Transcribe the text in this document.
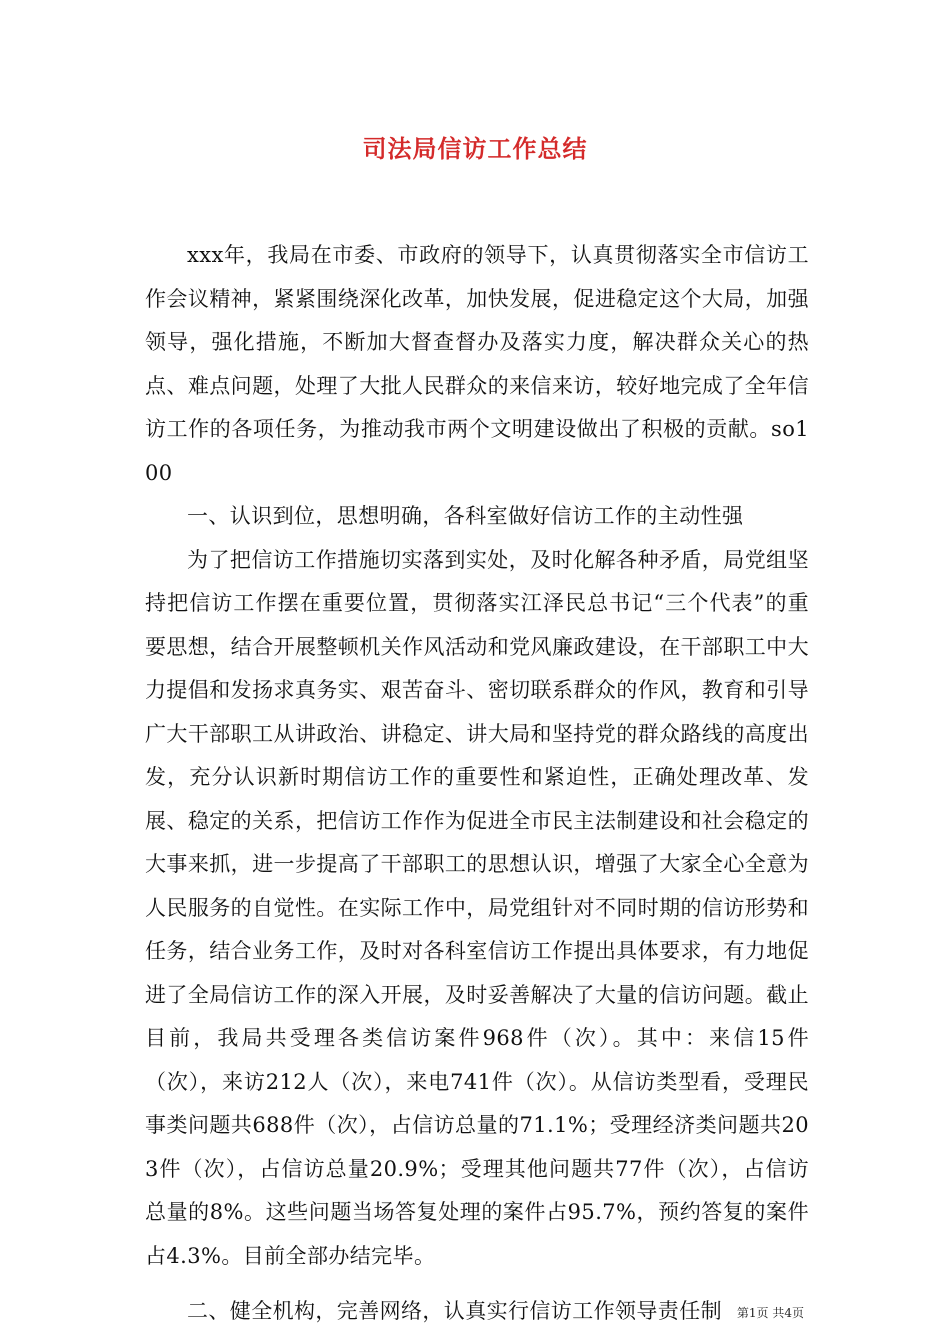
司法局信访工作总结

xxx年，我局在市委、市政府的领导下，认真贯彻落实全市信访工作会议精神，紧紧围绕深化改革，加快发展，促进稳定这个大局，加强领导，强化措施，不断加大督查督办及落实力度，解决群众关心的热点、难点问题，处理了大批人民群众的来信来访，较好地完成了全年信访工作的各项任务，为推动我市两个文明建设做出了积极的贡献。so100

一、认识到位，思想明确，各科室做好信访工作的主动性强

为了把信访工作措施切实落到实处，及时化解各种矛盾，局党组坚持把信访工作摆在重要位置，贯彻落实江泽民总书记“三个代表”的重要思想，结合开展整顿机关作风活动和党风廉政建设，在干部职工中大力提倡和发扬求真务实、艰苦奋斗、密切联系群众的作风，教育和引导广大干部职工从讲政治、讲稳定、讲大局和坚持党的群众路线的高度出发，充分认识新时期信访工作的重要性和紧迫性，正确处理改革、发展、稳定的关系，把信访工作作为促进全市民主法制建设和社会稳定的大事来抓，进一步提高了干部职工的思想认识，增强了大家全心全意为人民服务的自觉性。在实际工作中，局党组针对不同时期的信访形势和任务，结合业务工作，及时对各科室信访工作提出具体要求，有力地促进了全局信访工作的深入开展，及时妥善解决了大量的信访问题。截止目前，我局共受理各类信访案件968件（次）。其中：来信15件（次），来访212人（次），来电741件（次）。从信访类型看，受理民事类问题共688件（次），占信访总量的71.1%；受理经济类问题共203件（次），占信访总量20.9%；受理其他问题共77件（次），占信访总量的8%。这些问题当场答复处理的案件占95.7%，预约答复的案件占4.3%。目前全部办结完毕。

二、健全机构，完善网络，认真实行信访工作领导责任制	第1页 共4页
